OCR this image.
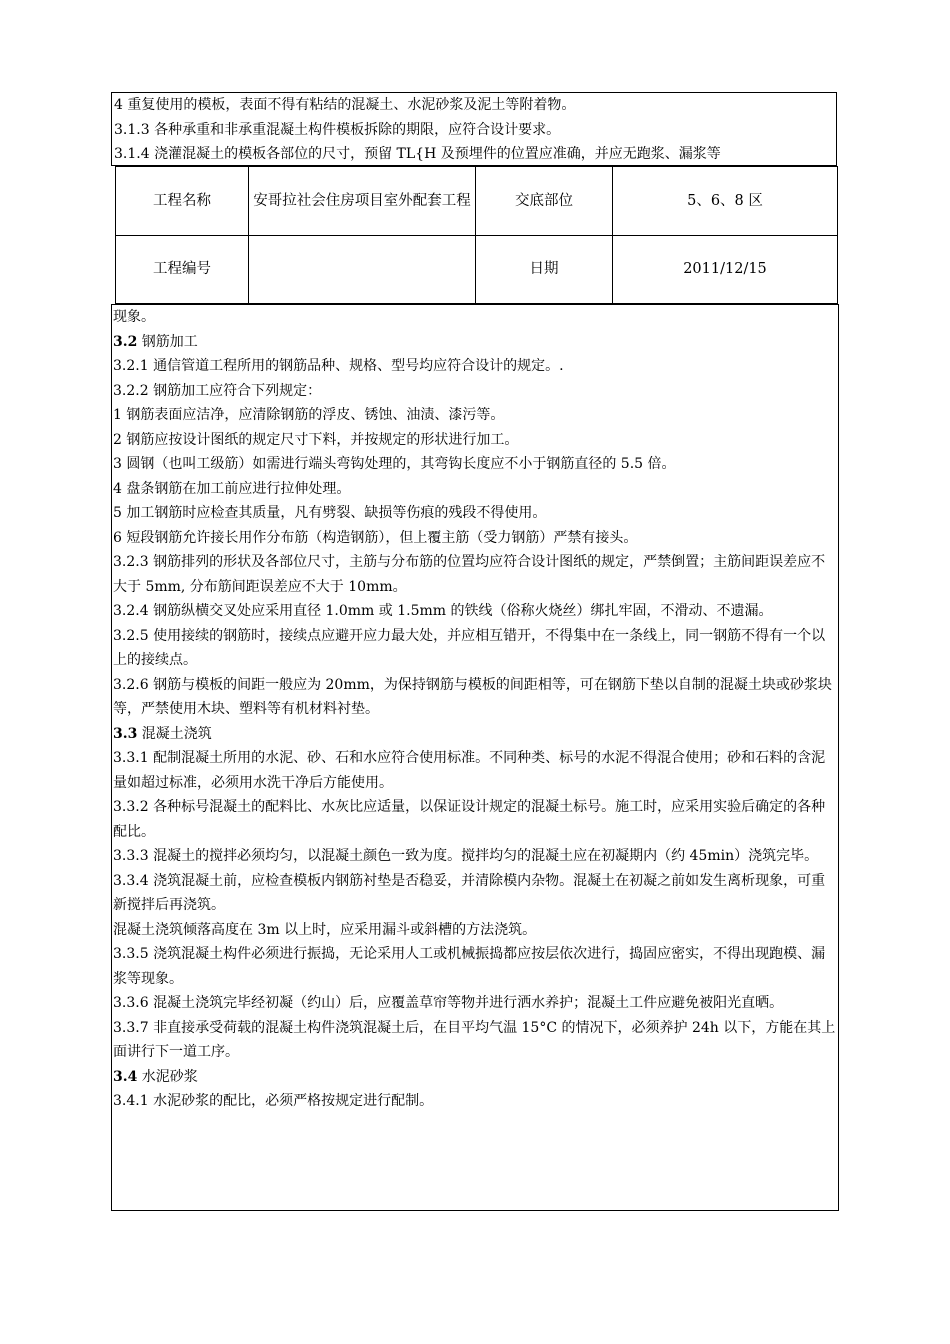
4 重复使用的模板，表面不得有粘结的混凝土、水泥砂浆及泥土等附着物。
3.1.3 各种承重和非承重混凝土构件模板拆除的期限，应符合设计要求。
3.1.4 浇灌混凝土的模板各部位的尺寸，预留 TL{H 及预埋件的位置应准确，并应无跑浆、漏浆等
工程名称	安哥拉社会住房项目室外配套工程	交底部位	5、6、8 区
工程编号		日期	2011/12/15
现象。
3.2 钢筋加工
3.2.1 通信管道工程所用的钢筋品种、规格、型号均应符合设计的规定。.
3.2.2 钢筋加工应符合下列规定：
1 钢筋表面应洁净，应清除钢筋的浮皮、锈蚀、油渍、漆污等。
2 钢筋应按设计图纸的规定尺寸下料，并按规定的形状进行加工。
3 圆钢（也叫工级筋）如需进行端头弯钩处理的，其弯钩长度应不小于钢筋直径的 5.5 倍。
4 盘条钢筋在加工前应进行拉伸处理。
5 加工钢筋时应检查其质量，凡有劈裂、缺损等伤痕的残段不得使用。
6 短段钢筋允许接长用作分布筋（构造钢筋），但上覆主筋（受力钢筋）严禁有接头。
3.2.3 钢筋排列的形状及各部位尺寸，主筋与分布筋的位置均应符合设计图纸的规定，严禁倒置；主筋间距误差应不大于 5mm, 分布筋间距误差应不大于 10mm。
3.2.4 钢筋纵横交叉处应采用直径 1.0mm 或 1.5mm 的铁线（俗称火烧丝）绑扎牢固，不滑动、不遗漏。
3.2.5 使用接续的钢筋时，接续点应避开应力最大处，并应相互错开，不得集中在一条线上，同一钢筋不得有一个以上的接续点。
3.2.6 钢筋与模板的间距一般应为 20mm，为保持钢筋与模板的间距相等，可在钢筋下垫以自制的混凝土块或砂浆块等，严禁使用木块、塑料等有机材料衬垫。
3.3 混凝土浇筑
3.3.1 配制混凝土所用的水泥、砂、石和水应符合使用标准。不同种类、标号的水泥不得混合使用；砂和石料的含泥量如超过标准，必须用水洗干净后方能使用。
3.3.2 各种标号混凝土的配料比、水灰比应适量，以保证设计规定的混凝土标号。施工时，应采用实验后确定的各种配比。
3.3.3 混凝土的搅拌必须均匀，以混凝土颜色一致为度。搅拌均匀的混凝土应在初凝期内（约 45min）浇筑完毕。
3.3.4 浇筑混凝土前，应检查模板内钢筋衬垫是否稳妥，并清除模内杂物。混凝土在初凝之前如发生离析现象，可重新搅拌后再浇筑。
混凝土浇筑倾落高度在 3m 以上时，应采用漏斗或斜槽的方法浇筑。
3.3.5 浇筑混凝土构件必须进行振捣，无论采用人工或机械振捣都应按层依次进行，捣固应密实，不得出现跑模、漏浆等现象。
3.3.6 混凝土浇筑完毕经初凝（约山）后，应覆盖草帘等物并进行洒水养护；混凝土工件应避免被阳光直晒。
3.3.7 非直接承受荷载的混凝土构件浇筑混凝土后，在目平均气温 15°C 的情况下，必须养护 24h 以下，方能在其上面讲行下一道工序。
3.4 水泥砂浆
3.4.1 水泥砂浆的配比，必须严格按规定进行配制。
